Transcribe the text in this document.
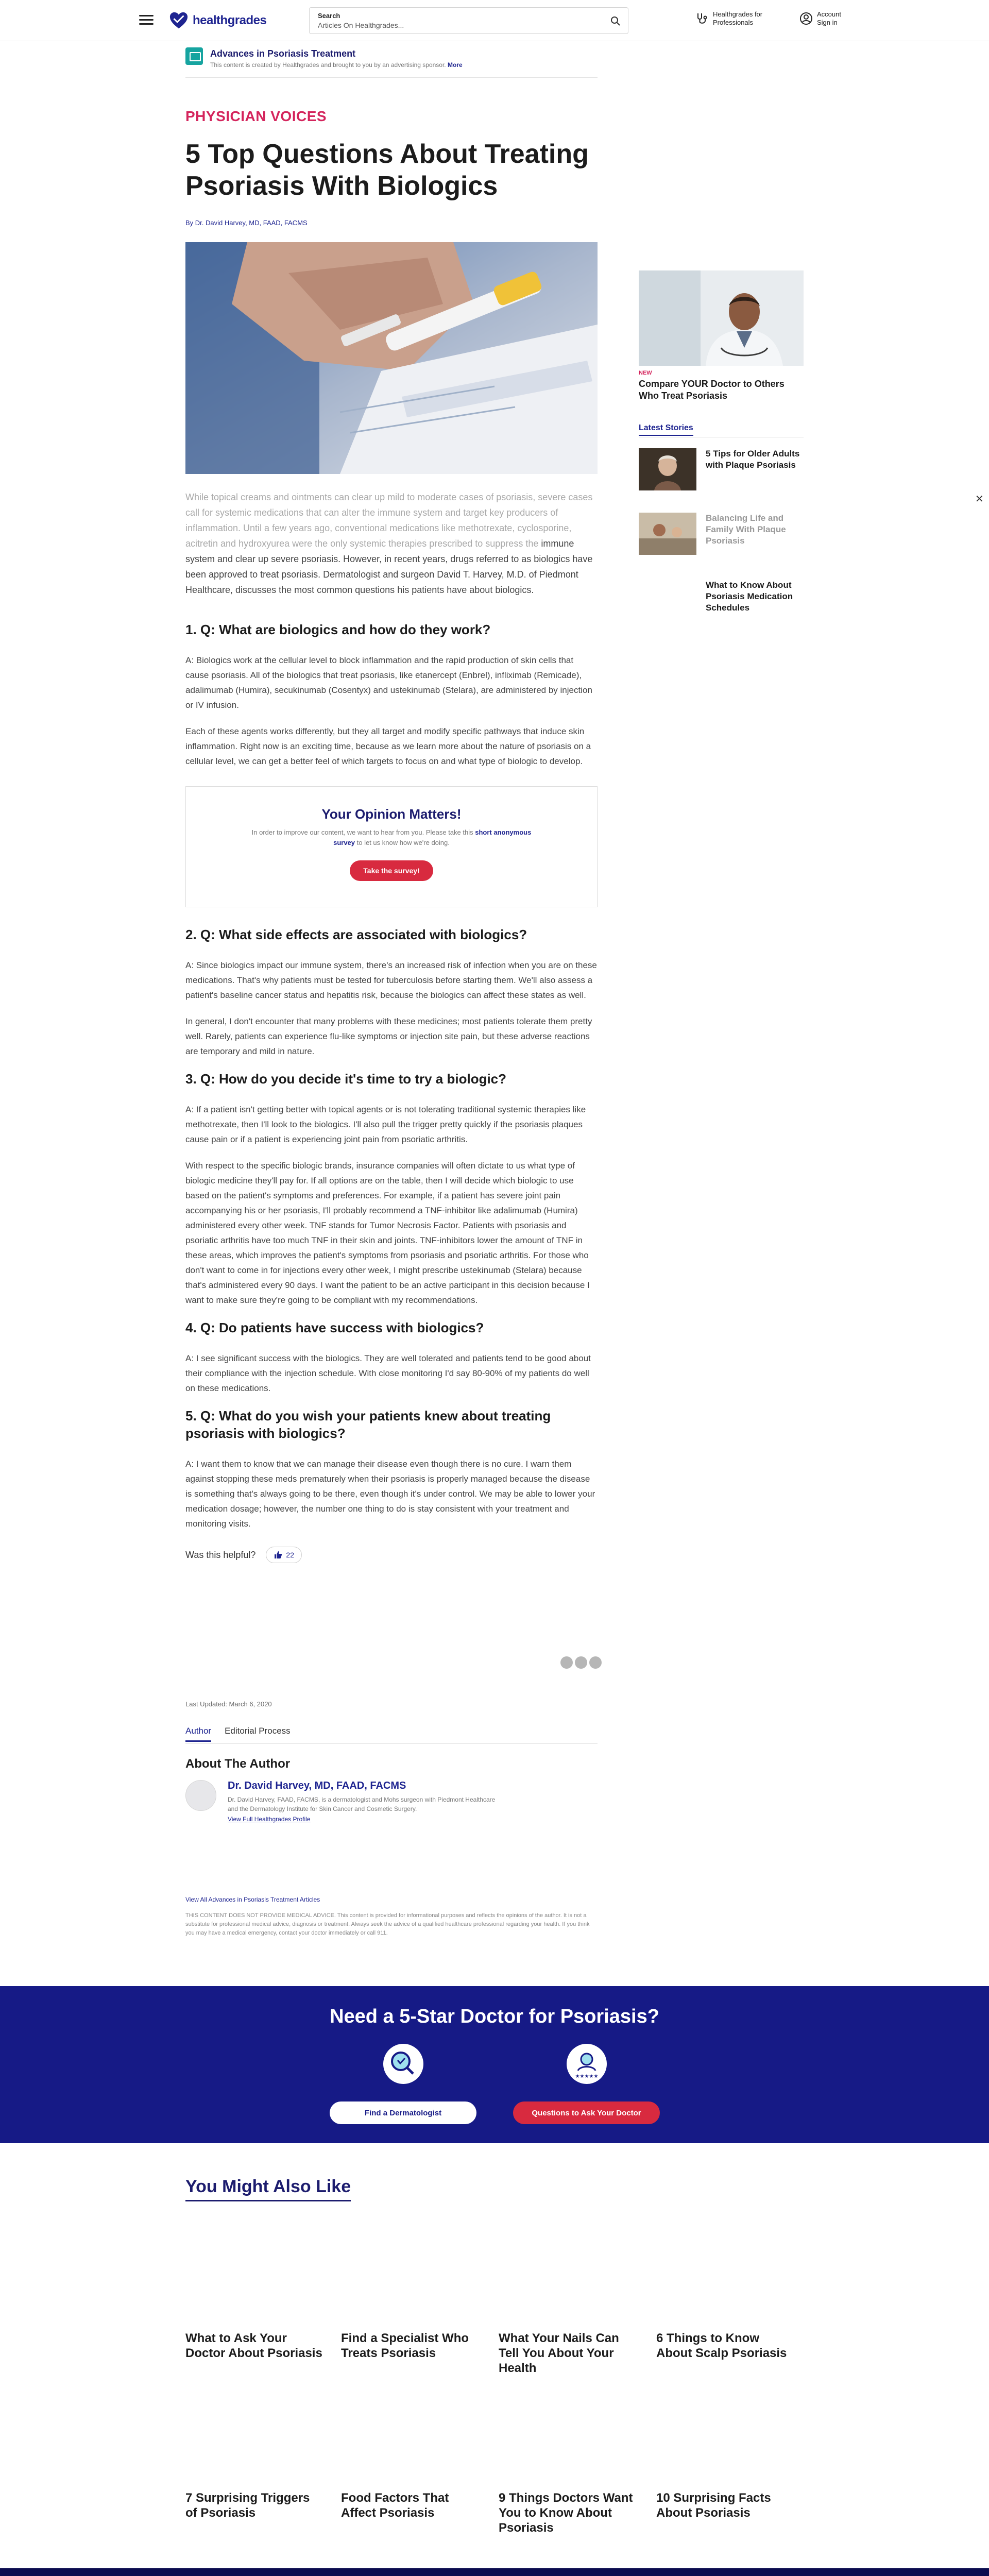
healthgrades	Search
Articles On Healthgrades...
Healthgrades for
Professionals
Account
Sign in
Advances in Psoriasis Treatment
This content is created by Healthgrades and brought to you by an advertising sponsor. More
PHYSICIAN VOICES
5 Top Questions About Treating Psoriasis With Biologics
By Dr. David Harvey, MD, FAAD, FACMS
While topical creams and ointments can clear up mild to moderate cases of psoriasis, severe cases call for systemic medications that can alter the immune system and target key producers of inflammation. Until a few years ago, conventional medications like methotrexate, cyclosporine, acitretin and hydroxyurea were the only systemic therapies prescribed to suppress the immune system and clear up severe psoriasis. However, in recent years, drugs referred to as biologics have been approved to treat psoriasis. Dermatologist and surgeon David T. Harvey, M.D. of Piedmont Healthcare, discusses the most common questions his patients have about biologics.
1. Q: What are biologics and how do they work?

A: Biologics work at the cellular level to block inflammation and the rapid production of skin cells that cause psoriasis. All of the biologics that treat psoriasis, like etanercept (Enbrel), infliximab (Remicade), adalimumab (Humira), secukinumab (Cosentyx) and ustekinumab (Stelara), are administered by injection or IV infusion.

Each of these agents works differently, but they all target and modify specific pathways that induce skin inflammation. Right now is an exciting time, because as we learn more about the nature of psoriasis on a cellular level, we can get a better feel of which targets to focus on and what type of biologic to develop.

Your Opinion Matters!
In order to improve our content, we want to hear from you. Please take this short anonymous survey to let us know how we're doing.
Take the survey!
2. Q: What side effects are associated with biologics?

A: Since biologics impact our immune system, there's an increased risk of infection when you are on these medications. That's why patients must be tested for tuberculosis before starting them. We'll also assess a patient's baseline cancer status and hepatitis risk, because the biologics can affect these states as well.

In general, I don't encounter that many problems with these medicines; most patients tolerate them pretty well. Rarely, patients can experience flu-like symptoms or injection site pain, but these adverse reactions are temporary and mild in nature.

3. Q: How do you decide it's time to try a biologic?

A: If a patient isn't getting better with topical agents or is not tolerating traditional systemic therapies like methotrexate, then I'll look to the biologics. I'll also pull the trigger pretty quickly if the psoriasis plaques cause pain or if a patient is experiencing joint pain from psoriatic arthritis.

With respect to the specific biologic brands, insurance companies will often dictate to us what type of biologic medicine they'll pay for. If all options are on the table, then I will decide which biologic to use based on the patient's symptoms and preferences. For example, if a patient has severe joint pain accompanying his or her psoriasis, I'll probably recommend a TNF-inhibitor like adalimumab (Humira) administered every other week. TNF stands for Tumor Necrosis Factor. Patients with psoriasis and psoriatic arthritis have too much TNF in their skin and joints. TNF-inhibitors lower the amount of TNF in these areas, which improves the patient's symptoms from psoriasis and psoriatic arthritis. For those who don't want to come in for injections every other week, I might prescribe ustekinumab (Stelara) because that's administered every 90 days. I want the patient to be an active participant in this decision because I want to make sure they're going to be compliant with my recommendations.

4. Q: Do patients have success with biologics?

A: I see significant success with the biologics. They are well tolerated and patients tend to be good about their compliance with the injection schedule. With close monitoring I'd say 80-90% of my patients do well on these medications.

5. Q: What do you wish your patients knew about treating psoriasis with biologics?

A: I want them to know that we can manage their disease even though there is no cure. I warn them against stopping these meds prematurely when their psoriasis is properly managed because the disease is something that's always going to be there, even though it's under control. We may be able to lower your medication dosage; however, the number one thing to do is stay consistent with your treatment and monitoring visits.

Was this helpful?	22
Last Updated: March 6, 2020
Author Editorial Process
About The Author
Dr. David Harvey, MD, FAAD, FACMS
Dr. David Harvey, FAAD, FACMS, is a dermatologist and Mohs surgeon with Piedmont Healthcare and the Dermatology Institute for Skin Cancer and Cosmetic Surgery.
View Full Healthgrades Profile
View All Advances in Psoriasis Treatment Articles
THIS CONTENT DOES NOT PROVIDE MEDICAL ADVICE. This content is provided for informational purposes and reflects the opinions of the author. It is not a substitute for professional medical advice, diagnosis or treatment. Always seek the advice of a qualified healthcare professional regarding your health. If you think you may have a medical emergency, contact your doctor immediately or call 911.
NEW
Compare YOUR Doctor to Others Who Treat Psoriasis
Latest Stories
5 Tips for Older Adults with Plaque Psoriasis
Balancing Life and Family With Plaque Psoriasis
What to Know About Psoriasis Medication Schedules
✕
Need a 5-Star Doctor for Psoriasis?
★★★★★
Find a Dermatologist	Questions to Ask Your Doctor
You Might Also Like
What to Ask Your Doctor About Psoriasis
Find a Specialist Who Treats Psoriasis
What Your Nails Can Tell You About Your Health
6 Things to Know About Scalp Psoriasis
7 Surprising Triggers of Psoriasis
Food Factors That Affect Psoriasis
9 Things Doctors Want You to Know About Psoriasis
10 Surprising Facts About Psoriasis
